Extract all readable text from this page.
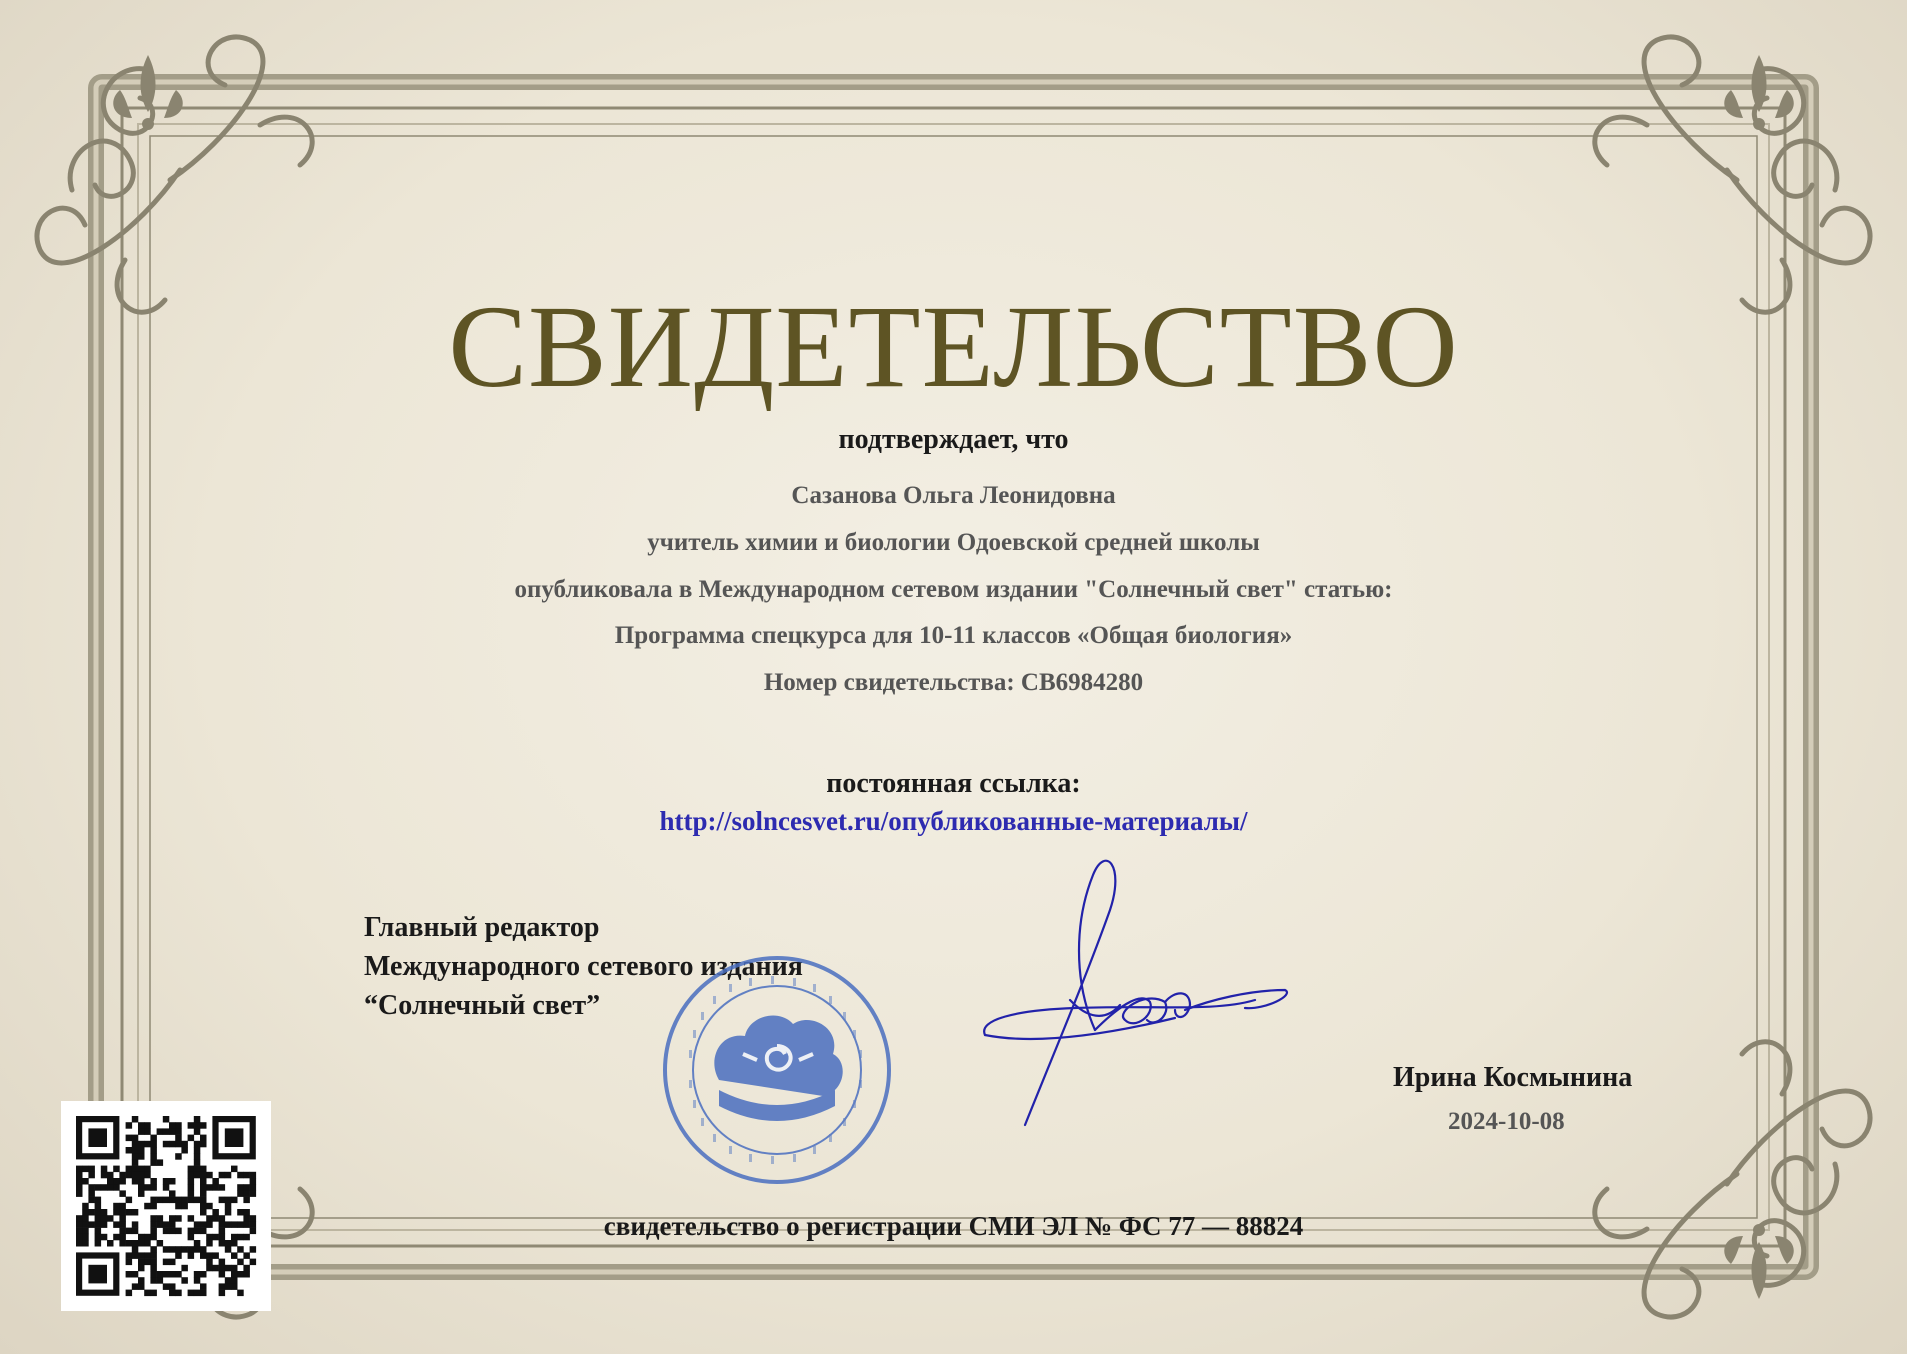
СВИДЕТЕЛЬСТВО
подтверждает, что
Сазанова Ольга Леонидовна
учитель химии и биологии Одоевской средней школы
опубликовала в Международном сетевом издании "Солнечный свет" статью:
Программа спецкурса для 10-11 классов «Общая биология»
Номер свидетельства: СВ6984280
постоянная ссылка:
http://solncesvet.ru/опубликованные-материалы/
Главный редактор
Международного сетевого издания
“Солнечный свет”
Ирина Космынина
2024-10-08
свидетельство о регистрации СМИ ЭЛ № ФС 77 — 88824
